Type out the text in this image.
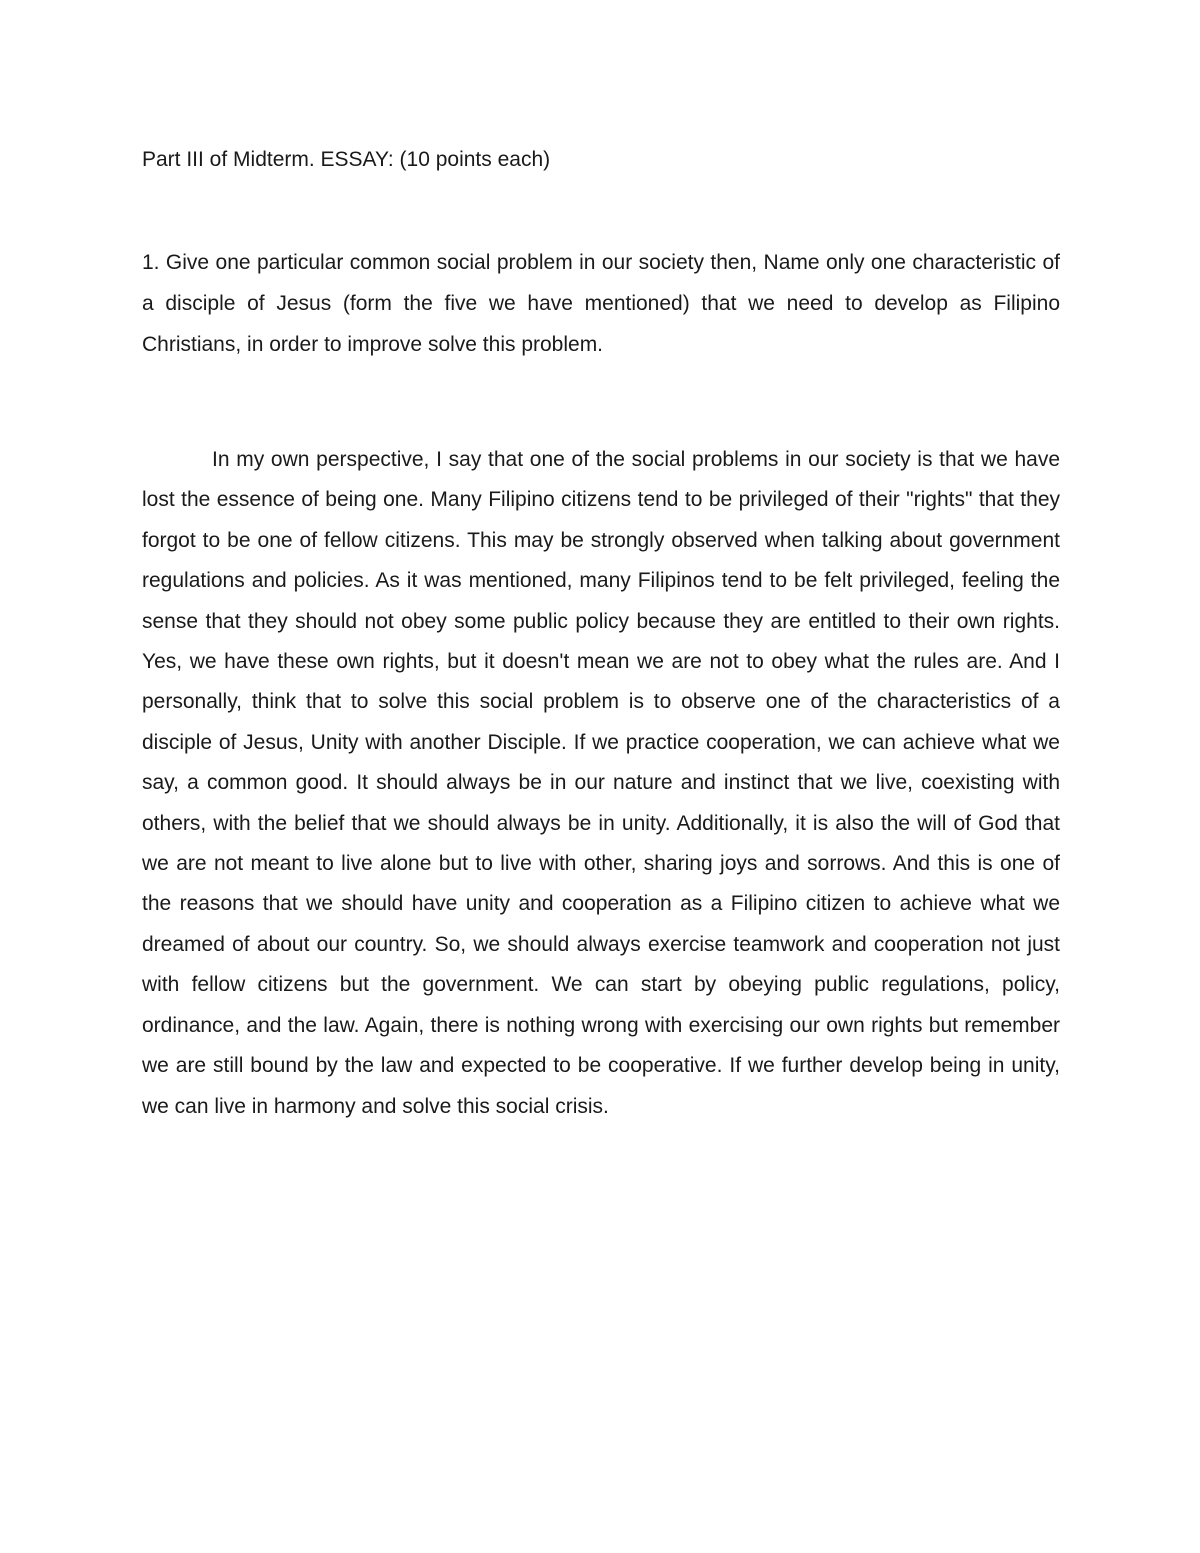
Part III of Midterm. ESSAY: (10 points each)

1. Give one particular common social problem in our society then, Name only one characteristic of a disciple of Jesus (form the five we have mentioned) that we need to develop as Filipino Christians, in order to improve solve this problem.

In my own perspective, I say that one of the social problems in our society is that we have lost the essence of being one. Many Filipino citizens tend to be privileged of their "rights" that they forgot to be one of fellow citizens. This may be strongly observed when talking about government regulations and policies. As it was mentioned, many Filipinos tend to be felt privileged, feeling the sense that they should not obey some public policy because they are entitled to their own rights. Yes, we have these own rights, but it doesn't mean we are not to obey what the rules are. And I personally, think that to solve this social problem is to observe one of the characteristics of a disciple of Jesus, Unity with another Disciple. If we practice cooperation, we can achieve what we say, a common good. It should always be in our nature and instinct that we live, coexisting with others, with the belief that we should always be in unity. Additionally, it is also the will of God that we are not meant to live alone but to live with other, sharing joys and sorrows. And this is one of the reasons that we should have unity and cooperation as a Filipino citizen to achieve what we dreamed of about our country. So, we should always exercise teamwork and cooperation not just with fellow citizens but the government. We can start by obeying public regulations, policy, ordinance, and the law. Again, there is nothing wrong with exercising our own rights but remember we are still bound by the law and expected to be cooperative. If we further develop being in unity, we can live in harmony and solve this social crisis.
